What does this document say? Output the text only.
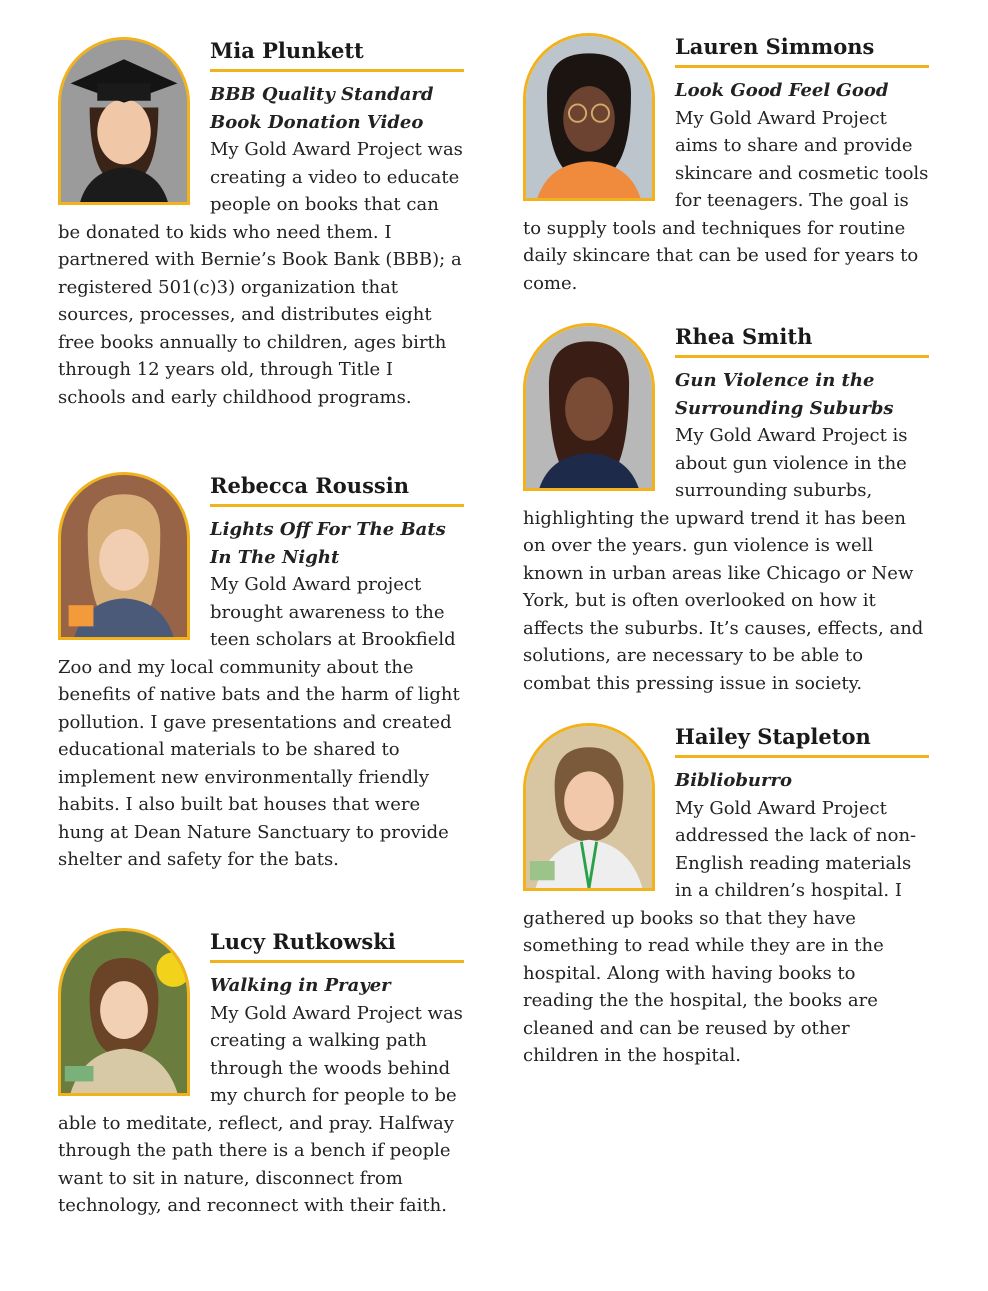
Mia Plunkett
BBB Quality Standard Book Donation Video
My Gold Award Project was creating a video to educate people on books that can be donated to kids who need them. I partnered with Bernie’s Book Bank (BBB); a registered 501(c)3) organization that sources, processes, and distributes eight free books annually to children, ages birth through 12 years old, through Title I schools and early childhood programs.
Rebecca Roussin
Lights Off For The Bats In The Night
My Gold Award project brought awareness to the teen scholars at Brookfield Zoo and my local community about the benefits of native bats and the harm of light pollution. I gave presentations and created educational materials to be shared to implement new environmentally friendly habits. I also built bat houses that were hung at Dean Nature Sanctuary to provide shelter and safety for the bats.
Lucy Rutkowski
Walking in Prayer
My Gold Award Project was creating a walking path through the woods behind my church for people to be able to meditate, reflect, and pray. Halfway through the path there is a bench if people want to sit in nature, disconnect from technology, and reconnect with their faith.
Lauren Simmons
Look Good Feel Good
My Gold Award Project aims to share and provide skincare and cosmetic tools for teenagers. The goal is to supply tools and techniques for routine daily skincare that can be used for years to come.
Rhea Smith
Gun Violence in the Surrounding Suburbs
My Gold Award Project is about gun violence in the surrounding suburbs, highlighting the upward trend it has been on over the years. gun violence is well known in urban areas like Chicago or New York, but is often overlooked on how it affects the suburbs. It’s causes, effects, and solutions, are necessary to be able to combat this pressing issue in society.
Hailey Stapleton
Biblioburro
My Gold Award Project addressed the lack of non-English reading materials in a children’s hospital. I gathered up books so that they have something to read while they are in the hospital. Along with having books to reading the the hospital, the books are cleaned and can be reused by other children in the hospital.
